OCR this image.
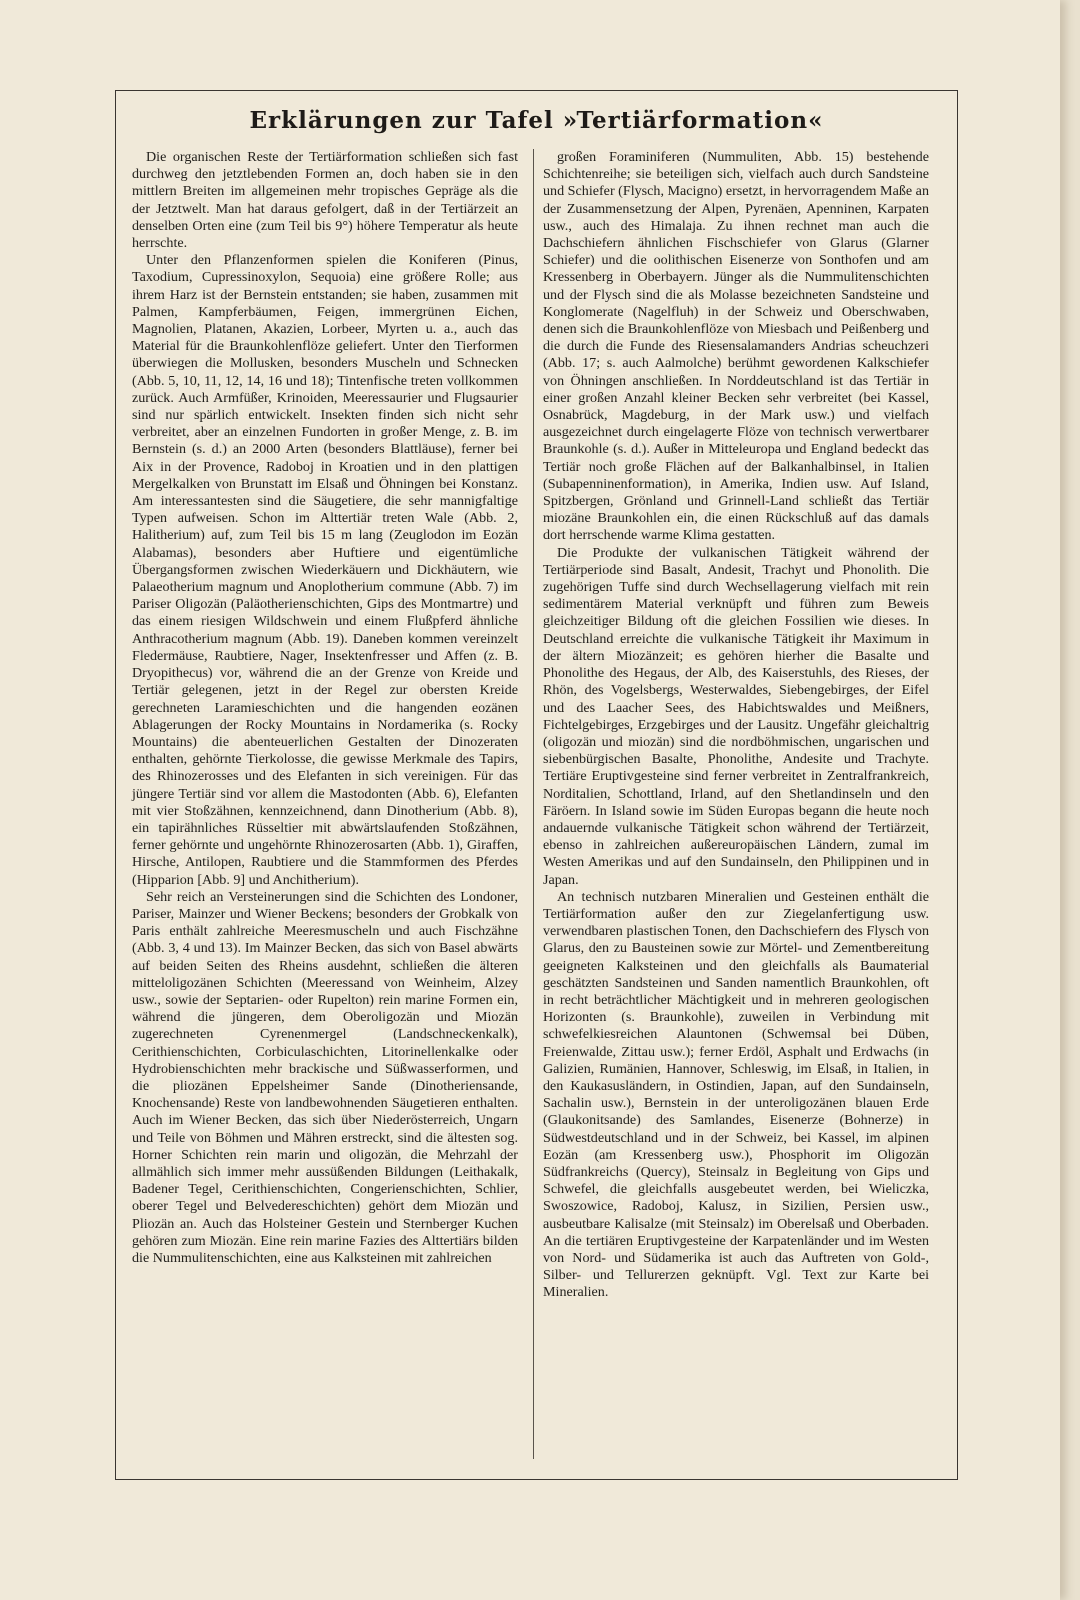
Erklärungen zur Tafel »Tertiärformation«

Die organischen Reste der Tertiärformation schließen sich fast durchweg den jetztlebenden Formen an, doch haben sie in den mittlern Breiten im allgemeinen mehr tropisches Gepräge als die der Jetztwelt. Man hat daraus gefolgert, daß in der Tertiärzeit an denselben Orten eine (zum Teil bis 9°) höhere Temperatur als heute herrschte.

Unter den Pflanzenformen spielen die Koniferen (Pinus, Taxodium, Cupressinoxylon, Sequoia) eine größere Rolle; aus ihrem Harz ist der Bernstein entstanden; sie haben, zusammen mit Palmen, Kampferbäumen, Feigen, immergrünen Eichen, Magnolien, Platanen, Akazien, Lorbeer, Myrten u. a., auch das Material für die Braunkohlenflöze geliefert. Unter den Tierformen überwiegen die Mollusken, besonders Muscheln und Schnecken (Abb. 5, 10, 11, 12, 14, 16 und 18); Tintenfische treten vollkommen zurück. Auch Armfüßer, Krinoiden, Meeressaurier und Flugsaurier sind nur spärlich entwickelt. Insekten finden sich nicht sehr verbreitet, aber an einzelnen Fundorten in großer Menge, z. B. im Bernstein (s. d.) an 2000 Arten (besonders Blattläuse), ferner bei Aix in der Provence, Radoboj in Kroatien und in den plattigen Mergelkalken von Brunstatt im Elsaß und Öhningen bei Konstanz. Am interessantesten sind die Säugetiere, die sehr mannigfaltige Typen aufweisen. Schon im Alttertiär treten Wale (Abb. 2, Halitherium) auf, zum Teil bis 15 m lang (Zeuglodon im Eozän Alabamas), besonders aber Huftiere und eigentümliche Übergangsformen zwischen Wiederkäuern und Dickhäutern, wie Palaeotherium magnum und Anoplotherium commune (Abb. 7) im Pariser Oligozän (Paläotherienschichten, Gips des Montmartre) und das einem riesigen Wildschwein und einem Flußpferd ähnliche Anthracotherium magnum (Abb. 19). Daneben kommen vereinzelt Fledermäuse, Raubtiere, Nager, Insektenfresser und Affen (z. B. Dryopithecus) vor, während die an der Grenze von Kreide und Tertiär gelegenen, jetzt in der Regel zur obersten Kreide gerechneten Laramieschichten und die hangenden eozänen Ablagerungen der Rocky Mountains in Nordamerika (s. Rocky Mountains) die abenteuerlichen Gestalten der Dinozeraten enthalten, gehörnte Tierkolosse, die gewisse Merkmale des Tapirs, des Rhinozerosses und des Elefanten in sich vereinigen. Für das jüngere Tertiär sind vor allem die Mastodonten (Abb. 6), Elefanten mit vier Stoßzähnen, kennzeichnend, dann Dinotherium (Abb. 8), ein tapirähnliches Rüsseltier mit abwärtslaufenden Stoßzähnen, ferner gehörnte und ungehörnte Rhinozerosarten (Abb. 1), Giraffen, Hirsche, Antilopen, Raubtiere und die Stammformen des Pferdes (Hipparion [Abb. 9] und Anchitherium).

Sehr reich an Versteinerungen sind die Schichten des Londoner, Pariser, Mainzer und Wiener Beckens; besonders der Grobkalk von Paris enthält zahlreiche Meeresmuscheln und auch Fischzähne (Abb. 3, 4 und 13). Im Mainzer Becken, das sich von Basel abwärts auf beiden Seiten des Rheins ausdehnt, schließen die älteren mitteloligozänen Schichten (Meeressand von Weinheim, Alzey usw., sowie der Septarien- oder Rupelton) rein marine Formen ein, während die jüngeren, dem Oberoligozän und Miozän zugerechneten Cyrenenmergel (Landschneckenkalk), Cerithienschichten, Corbiculaschichten, Litorinellenkalke oder Hydrobienschichten mehr brackische und Süßwasserformen, und die pliozänen Eppelsheimer Sande (Dinotheriensande, Knochensande) Reste von landbewohnenden Säugetieren enthalten. Auch im Wiener Becken, das sich über Niederösterreich, Ungarn und Teile von Böhmen und Mähren erstreckt, sind die ältesten sog. Horner Schichten rein marin und oligozän, die Mehrzahl der allmählich sich immer mehr aussüßenden Bildungen (Leithakalk, Badener Tegel, Cerithienschichten, Congerienschichten, Schlier, oberer Tegel und Belvedereschichten) gehört dem Miozän und Pliozän an. Auch das Holsteiner Gestein und Sternberger Kuchen gehören zum Miozän. Eine rein marine Fazies des Alttertiärs bilden die Nummulitenschichten, eine aus Kalksteinen mit zahlreichen

großen Foraminiferen (Nummuliten, Abb. 15) bestehende Schichtenreihe; sie beteiligen sich, vielfach auch durch Sandsteine und Schiefer (Flysch, Macigno) ersetzt, in hervorragendem Maße an der Zusammensetzung der Alpen, Pyrenäen, Apenninen, Karpaten usw., auch des Himalaja. Zu ihnen rechnet man auch die Dachschiefern ähnlichen Fischschiefer von Glarus (Glarner Schiefer) und die oolithischen Eisenerze von Sonthofen und am Kressenberg in Oberbayern. Jünger als die Nummulitenschichten und der Flysch sind die als Molasse bezeichneten Sandsteine und Konglomerate (Nagelfluh) in der Schweiz und Oberschwaben, denen sich die Braunkohlenflöze von Miesbach und Peißenberg und die durch die Funde des Riesensalamanders Andrias scheuchzeri (Abb. 17; s. auch Aalmolche) berühmt gewordenen Kalkschiefer von Öhningen anschließen. In Norddeutschland ist das Tertiär in einer großen Anzahl kleiner Becken sehr verbreitet (bei Kassel, Osnabrück, Magdeburg, in der Mark usw.) und vielfach ausgezeichnet durch eingelagerte Flöze von technisch verwertbarer Braunkohle (s. d.). Außer in Mitteleuropa und England bedeckt das Tertiär noch große Flächen auf der Balkanhalbinsel, in Italien (Subapenninenformation), in Amerika, Indien usw. Auf Island, Spitzbergen, Grönland und Grinnell-Land schließt das Tertiär miozäne Braunkohlen ein, die einen Rückschluß auf das damals dort herrschende warme Klima gestatten.

Die Produkte der vulkanischen Tätigkeit während der Tertiärperiode sind Basalt, Andesit, Trachyt und Phonolith. Die zugehörigen Tuffe sind durch Wechsellagerung vielfach mit rein sedimentärem Material verknüpft und führen zum Beweis gleichzeitiger Bildung oft die gleichen Fossilien wie dieses. In Deutschland erreichte die vulkanische Tätigkeit ihr Maximum in der ältern Miozänzeit; es gehören hierher die Basalte und Phonolithe des Hegaus, der Alb, des Kaiserstuhls, des Rieses, der Rhön, des Vogelsbergs, Westerwaldes, Siebengebirges, der Eifel und des Laacher Sees, des Habichtswaldes und Meißners, Fichtelgebirges, Erzgebirges und der Lausitz. Ungefähr gleichaltrig (oligozän und miozän) sind die nordböhmischen, ungarischen und siebenbürgischen Basalte, Phonolithe, Andesite und Trachyte. Tertiäre Eruptivgesteine sind ferner verbreitet in Zentralfrankreich, Norditalien, Schottland, Irland, auf den Shetlandinseln und den Färöern. In Island sowie im Süden Europas begann die heute noch andauernde vulkanische Tätigkeit schon während der Tertiärzeit, ebenso in zahlreichen außereuropäischen Ländern, zumal im Westen Amerikas und auf den Sundainseln, den Philippinen und in Japan.

An technisch nutzbaren Mineralien und Gesteinen enthält die Tertiärformation außer den zur Ziegelanfertigung usw. verwendbaren plastischen Tonen, den Dachschiefern des Flysch von Glarus, den zu Bausteinen sowie zur Mörtel- und Zementbereitung geeigneten Kalksteinen und den gleichfalls als Baumaterial geschätzten Sandsteinen und Sanden namentlich Braunkohlen, oft in recht beträchtlicher Mächtigkeit und in mehreren geologischen Horizonten (s. Braunkohle), zuweilen in Verbindung mit schwefelkiesreichen Alauntonen (Schwemsal bei Düben, Freienwalde, Zittau usw.); ferner Erdöl, Asphalt und Erdwachs (in Galizien, Rumänien, Hannover, Schleswig, im Elsaß, in Italien, in den Kaukasusländern, in Ostindien, Japan, auf den Sundainseln, Sachalin usw.), Bernstein in der unteroligozänen blauen Erde (Glaukonitsande) des Samlandes, Eisenerze (Bohnerze) in Südwestdeutschland und in der Schweiz, bei Kassel, im alpinen Eozän (am Kressenberg usw.), Phosphorit im Oligozän Südfrankreichs (Quercy), Steinsalz in Begleitung von Gips und Schwefel, die gleichfalls ausgebeutet werden, bei Wieliczka, Swoszowice, Radoboj, Kalusz, in Sizilien, Persien usw., ausbeutbare Kalisalze (mit Steinsalz) im Oberelsaß und Oberbaden. An die tertiären Eruptivgesteine der Karpatenländer und im Westen von Nord- und Südamerika ist auch das Auftreten von Gold-, Silber- und Tellurerzen geknüpft. Vgl. Text zur Karte bei Mineralien.
